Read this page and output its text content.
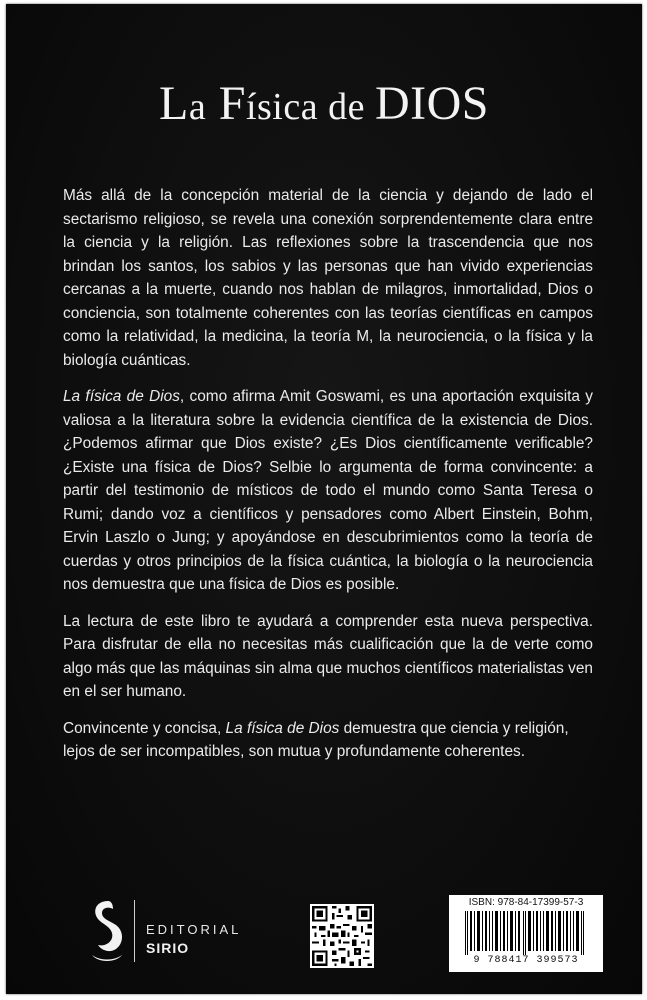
La Física de DIOS

Más allá de la concepción material de la ciencia y dejando de lado el sectarismo religioso, se revela una conexión sorprendentemente clara entre la ciencia y la religión. Las reflexiones sobre la trascendencia que nos brindan los santos, los sabios y las personas que han vivido experiencias cercanas a la muerte, cuando nos hablan de milagros, inmortalidad, Dios o conciencia, son totalmente coherentes con las teorías científicas en campos como la relatividad, la medicina, la teoría M, la neurociencia, o la física y la biología cuánticas.

La física de Dios, como afirma Amit Goswami, es una aportación exquisita y valiosa a la literatura sobre la evidencia científica de la existencia de Dios. ¿Podemos afirmar que Dios existe? ¿Es Dios científicamente verificable? ¿Existe una física de Dios? Selbie lo argumenta de forma convincente: a partir del testimonio de místicos de todo el mundo como Santa Teresa o Rumi; dando voz a científicos y pensadores como Albert Einstein, Bohm, Ervin Laszlo o Jung; y apoyándose en descubrimientos como la teoría de cuerdas y otros principios de la física cuántica, la biología o la neurociencia nos demuestra que una física de Dios es posible.

La lectura de este libro te ayudará a comprender esta nueva perspectiva. Para disfrutar de ella no necesitas más cualificación que la de verte como algo más que las máquinas sin alma que muchos científicos materialistas ven en el ser humano.

Convincente y concisa, La física de Dios demuestra que ciencia y religión, lejos de ser incompatibles, son mutua y profundamente coherentes.

EDITORIAL
SIRIO
ISBN: 978-84-17399-57-3
9 788417 399573
